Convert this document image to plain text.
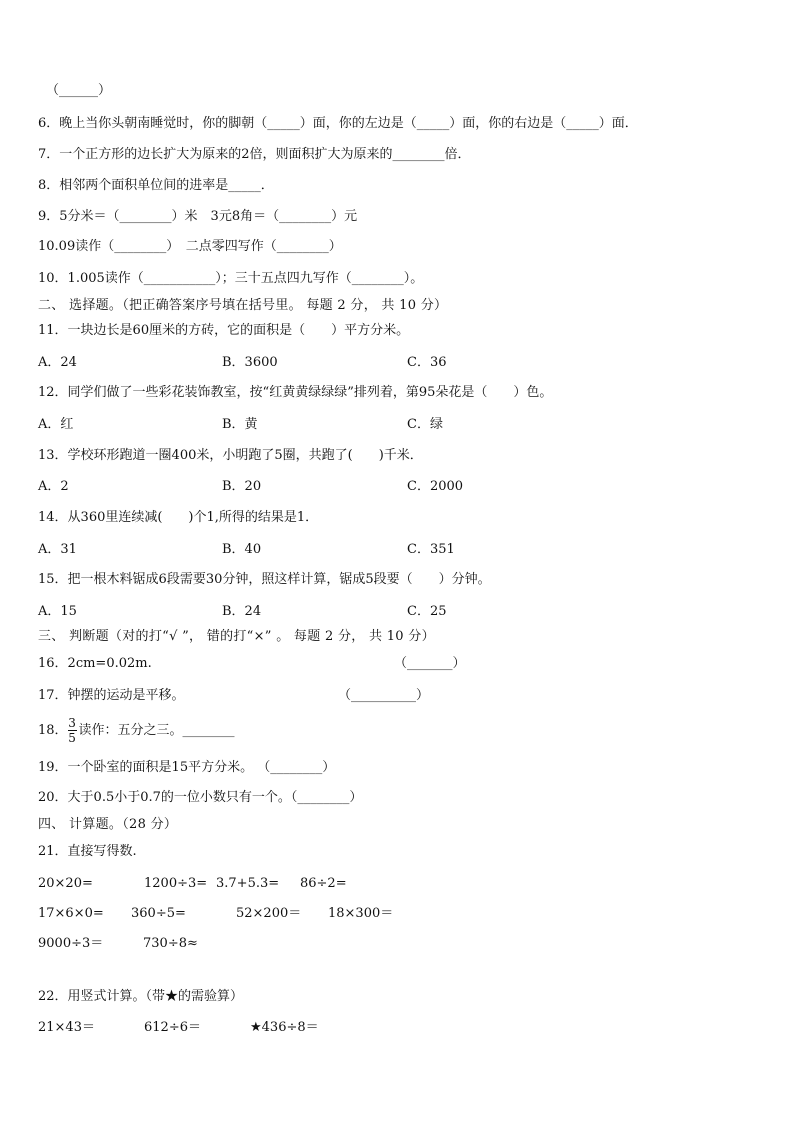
（______）
6．晚上当你头朝南睡觉时，你的脚朝（_____）面，你的左边是（_____）面，你的右边是（_____）面．
7．一个正方形的边长扩大为原来的2倍，则面积扩大为原来的________倍．
8．相邻两个面积单位间的进率是_____．
9．5分米＝（________）米　3元8角＝（________）元
10.09读作（________）　二点零四写作（________）
10．1.005读作（___________）；三十五点四九写作（________）。
二、 选择题。（把正确答案序号填在括号里。 每题 2 分， 共 10 分）
11．一块边长是60厘米的方砖，它的面积是（　　）平方分米。
A．24	B．3600	C．36
12．同学们做了一些彩花装饰教室，按“红黄黄绿绿绿”排列着，第95朵花是（　　）色。
A．红	B．黄	C．绿
13．学校环形跑道一圈400米，小明跑了5圈，共跑了(　　)千米．
A．2	B．20	C．2000
14．从360里连续减(　　)个1,所得的结果是1．
A．31	B．40	C．351
15．把一根木料锯成6段需要30分钟，照这样计算，锯成5段要（　　）分钟。
A．15	B．24	C．25
三、 判断题（对的打“√ ”， 错的打“×” 。 每题 2 分， 共 10 分）
16．2cm=0.02m.	（_______）
17．钟摆的运动是平移。	（__________）
18． $\frac{3}{5}$ 读作：五分之三。________
19．一个卧室的面积是15平方分米。 （________）
20．大于0.5小于0.7的一位小数只有一个。（________）
四、 计算题。（28 分）
21．直接写得数.
20×20=	1200÷3= 3.7+5.3= 86÷2=
17×6×0= 360÷5=	52×200＝ 18×300＝
9000÷3＝	730÷8≈
22．用竖式计算。（带★的需验算）
21×43＝	612÷6＝	★436÷8＝
